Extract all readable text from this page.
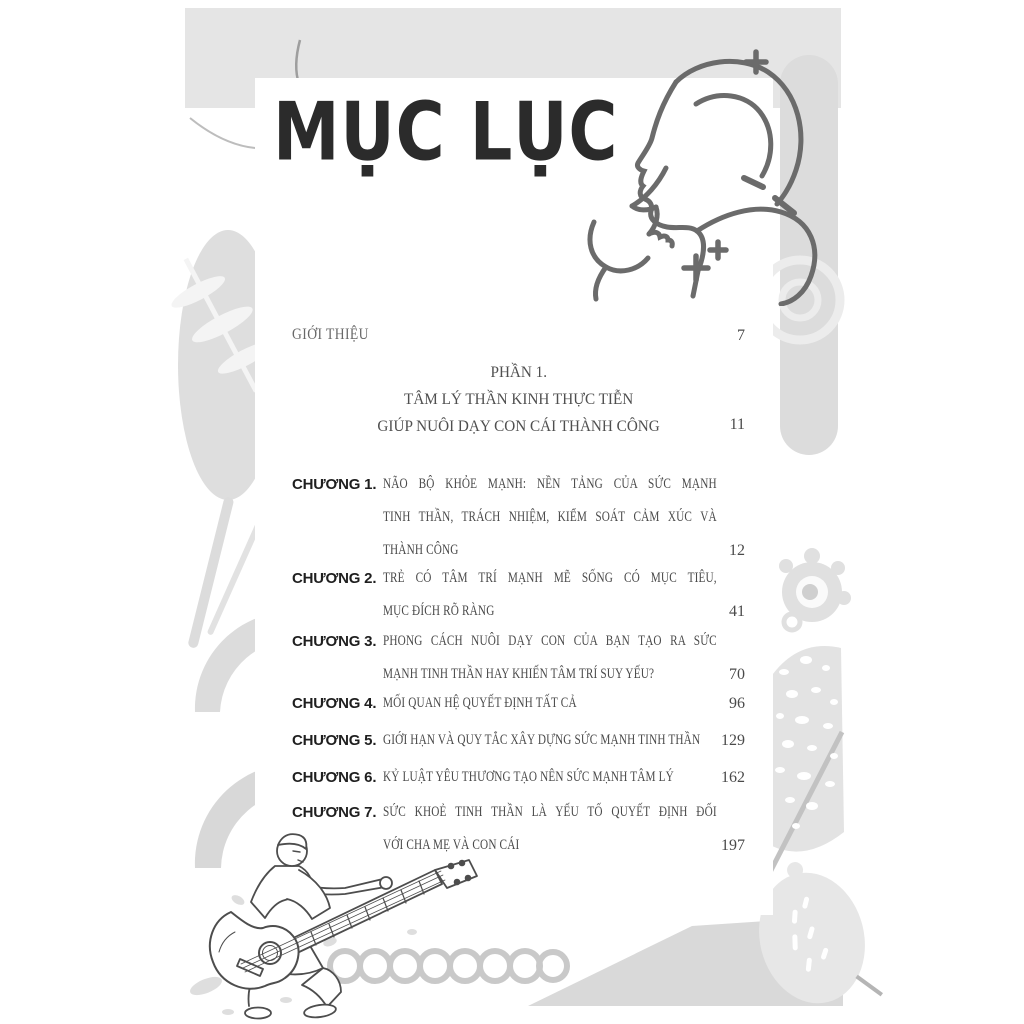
MỤC LỤC
GIỚI THIỆU	7
PHẦN 1.
TÂM LÝ THẦN KINH THỰC TIỄN
GIÚP NUÔI DẠY CON CÁI THÀNH CÔNG	11
CHƯƠNG 1. NÃO BỘ KHỎE MẠNH: NỀN TẢNG CỦA SỨC MẠNH
TINH THẦN, TRÁCH NHIỆM, KIỂM SOÁT CẢM XÚC VÀ
THÀNH CÔNG	12
CHƯƠNG 2. TRẺ CÓ TÂM TRÍ MẠNH MẼ SỐNG CÓ MỤC TIÊU,
MỤC ĐÍCH RÕ RÀNG	41
CHƯƠNG 3. PHONG CÁCH NUÔI DẠY CON CỦA BẠN TẠO RA SỨC
MẠNH TINH THẦN HAY KHIẾN TÂM TRÍ SUY YẾU?	70
CHƯƠNG 4. MỐI QUAN HỆ QUYẾT ĐỊNH TẤT CẢ	96
CHƯƠNG 5. GIỚI HẠN VÀ QUY TẮC XÂY DỰNG SỨC MẠNH TINH THẦN	129
CHƯƠNG 6. KỶ LUẬT YÊU THƯƠNG TẠO NÊN SỨC MẠNH TÂM LÝ	162
CHƯƠNG 7. SỨC KHOẺ TINH THẦN LÀ YẾU TỐ QUYẾT ĐỊNH ĐỐI
VỚI CHA MẸ VÀ CON CÁI	197
